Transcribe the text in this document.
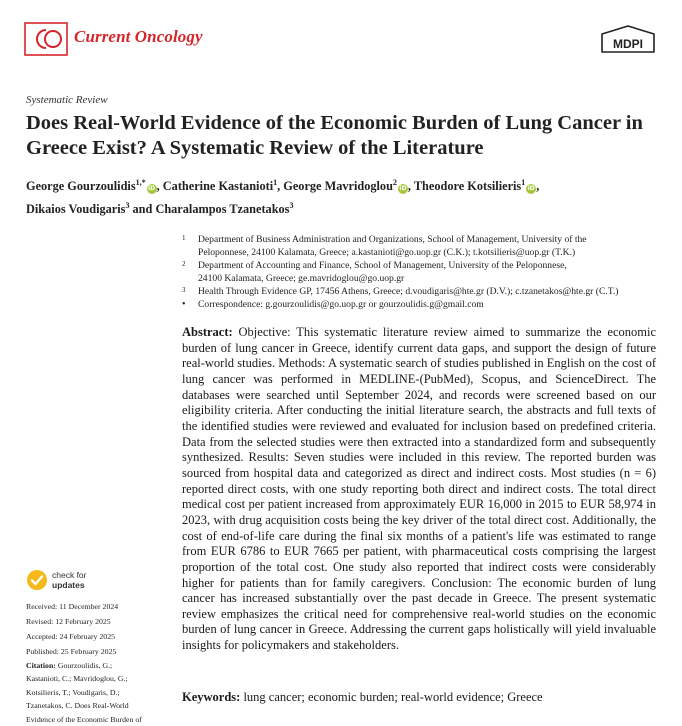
Current Oncology	MDPI
Systematic Review
Does Real-World Evidence of the Economic Burden of Lung Cancer in Greece Exist? A Systematic Review of the Literature
George Gourzoulidis$^{1,*}$iD, Catherine Kastanioti$^1$, George Mavridoglou$^2$iD, Theodore Kotsilieris$^1$iD,
Dikaios Voudigaris$^3$ and Charalampos Tzanetakos$^3$
1 Department of Business Administration and Organizations, School of Management, University of the
Peloponnese, 24100 Kalamata, Greece; a.kastanioti@go.uop.gr (C.K.); t.kotsilieris@uop.gr (T.K.)
2 Department of Accounting and Finance, School of Management, University of the Peloponnese,
24100 Kalamata, Greece; ge.mavridoglou@go.uop.gr
3 Health Through Evidence GP, 17456 Athens, Greece; d.voudigaris@hte.gr (D.V.); c.tzanetakos@hte.gr (C.T.)
• Correspondence: g.gourzoulidis@go.uop.gr or gourzoulidis.g@gmail.com
Abstract: Objective: This systematic literature review aimed to summarize the economic burden of lung cancer in Greece, identify current data gaps, and support the design of future real-world studies. Methods: A systematic search of studies published in English on the cost of lung cancer was performed in MEDLINE-(PubMed), Scopus, and ScienceDirect. The databases were searched until September 2024, and records were screened based on our eligibility criteria. After conducting the initial literature search, the abstracts and full texts of the identified studies were reviewed and evaluated for inclusion based on predefined criteria. Data from the selected studies were then extracted into a standardized form and subsequently synthesized. Results: Seven studies were included in this review. The reported burden was sourced from hospital data and categorized as direct and indirect costs. Most studies (n = 6) reported direct costs, with one study reporting both direct and indirect costs. The total direct medical cost per patient increased from approximately EUR 16,000 in 2015 to EUR 58,974 in 2023, with drug acquisition costs being the key driver of the total direct cost. Additionally, the cost of end-of-life care during the final six months of a patient's life was estimated to range from EUR 6786 to EUR 7665 per patient, with pharmaceutical costs comprising the largest proportion of the total cost. One study also reported that indirect costs were considerably higher for patients than for family caregivers. Conclusion: The economic burden of lung cancer has increased substantially over the past decade in Greece. The present systematic review emphasizes the critical need for comprehensive real-world studies on the economic burden of lung cancer in Greece. Addressing the current gaps holistically will yield invaluable insights for policymakers and stakeholders.
Keywords: lung cancer; economic burden; real-world evidence; Greece
check for
updates
Received: 11 December 2024
Revised: 12 February 2025
Accepted: 24 February 2025
Published: 25 February 2025
Citation: Gourzoulidis, G.;
Kastanioti, C.; Mavridoglou, G.;
Kotsilieris, T.; Voudigaris, D.;
Tzanetakos, C. Does Real-World
Evidence of the Economic Burden of
